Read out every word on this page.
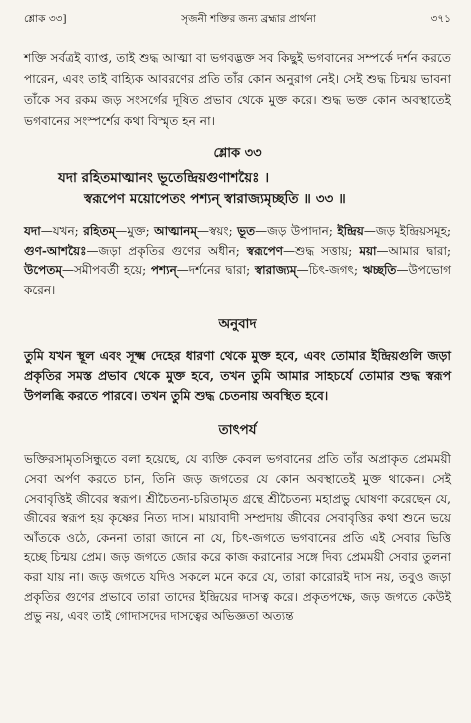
শ্লোক ৩৩]	সৃজনী শক্তির জন্য ব্রহ্মার প্রার্থনা	৩৭১

শক্তি সর্বত্রই ব্যাপ্ত, তাই শুদ্ধ আত্মা বা ভগবদ্ভক্ত সব কিছুই ভগবানের সম্পর্কে দর্শন করতে পারেন, এবং তাই বাহ্যিক আবরণের প্রতি তাঁর কোন অনুরাগ নেই। সেই শুদ্ধ চিন্ময় ভাবনা তাঁকে সব রকম জড় সংসর্গের দূষিত প্রভাব থেকে মুক্ত করে। শুদ্ধ ভক্ত কোন অবস্থাতেই ভগবানের সংস্পর্শের কথা বিস্মৃত হন না।

শ্লোক ৩৩
যদা রহিতমাত্মানং ভূতেন্দ্রিয়গুণাশয়ৈঃ ।
স্বরূপেণ ময়োপেতং পশ্যন্ স্বারাজ্যমৃচ্ছতি ॥ ৩৩ ॥

যদা—যখন; রহিতম্—মুক্ত; আত্মানম্—স্বয়ং; ভূত—জড় উপাদান; ইন্দ্রিয়—জড় ইন্দ্রিয়সমূহ; গুণ-আশয়ৈঃ—জড়া প্রকৃতির গুণের অধীন; স্বরূপেণ—শুদ্ধ সত্তায়; ময়া—আমার দ্বারা; উপেতম্—সমীপবর্তী হয়ে; পশ্যন্—দর্শনের দ্বারা; স্বারাজ্যম্—চিৎ-জগৎ; ঋচ্ছতি—উপভোগ করেন।

অনুবাদ

তুমি যখন স্থূল এবং সূক্ষ্ম দেহের ধারণা থেকে মুক্ত হবে, এবং তোমার ইন্দ্রিয়গুলি জড়া প্রকৃতির সমস্ত প্রভাব থেকে মুক্ত হবে, তখন তুমি আমার সাহচর্যে তোমার শুদ্ধ স্বরূপ উপলব্ধি করতে পারবে। তখন তুমি শুদ্ধ চেতনায় অবস্থিত হবে।

তাৎপর্য

ভক্তিরসামৃতসিন্ধুতে বলা হয়েছে, যে ব্যক্তি কেবল ভগবানের প্রতি তাঁর অপ্রাকৃত প্রেমময়ী সেবা অর্পণ করতে চান, তিনি জড় জগতের যে কোন অবস্থাতেই মুক্ত থাকেন। সেই সেবাবৃত্তিই জীবের স্বরূপ। শ্রীচৈতন্য-চরিতামৃত গ্রন্থে শ্রীচৈতন্য মহাপ্রভু ঘোষণা করেছেন যে, জীবের স্বরূপ হয় কৃষ্ণের নিত্য দাস। মায়াবাদী সম্প্রদায় জীবের সেবাবৃত্তির কথা শুনে ভয়ে আঁতকে ওঠে, কেননা তারা জানে না যে, চিৎ-জগতে ভগবানের প্রতি এই সেবার ভিত্তি হচ্ছে চিন্ময় প্রেম। জড় জগতে জোর করে কাজ করানোর সঙ্গে দিব্য প্রেমময়ী সেবার তুলনা করা যায় না। জড় জগতে যদিও সকলে মনে করে যে, তারা কারোরই দাস নয়, তবুও জড়া প্রকৃতির গুণের প্রভাবে তারা তাদের ইন্দ্রিয়ের দাসত্ব করে। প্রকৃতপক্ষে, জড় জগতে কেউই প্রভু নয়, এবং তাই গোদাসদের দাসত্বের অভিজ্ঞতা অত্যন্ত
